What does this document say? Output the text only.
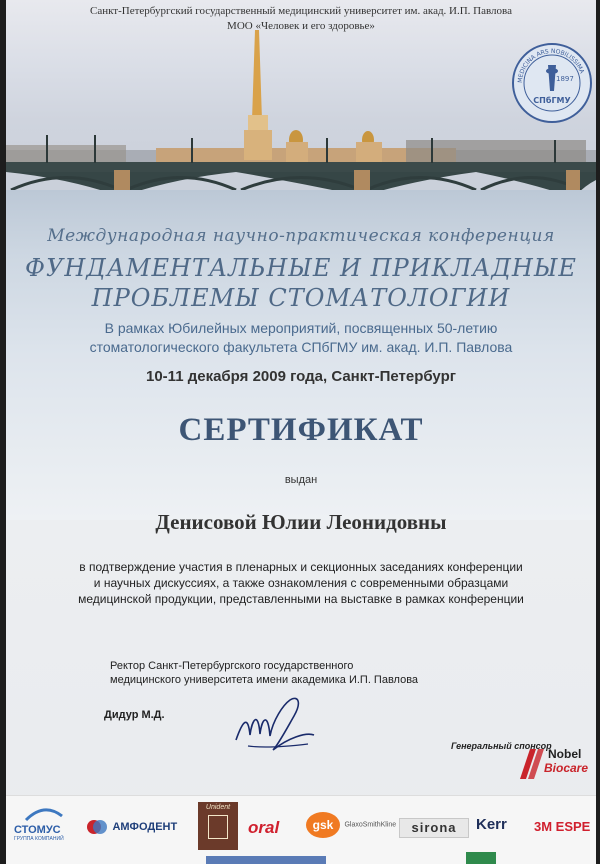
Санкт-Петербургский государственный медицинский университет им. акад. И.П. Павлова
МОО «Человек и его здоровье»
1897
СПбГМУ
MEDICINA ARS NOBILISSIMA
Международная научно-практическая конференция
ФУНДАМЕНТАЛЬНЫЕ И ПРИКЛАДНЫЕ
ПРОБЛЕМЫ СТОМАТОЛОГИИ
В рамках Юбилейных мероприятий, посвященных 50-летию
стоматологического факультета СПбГМУ им. акад. И.П. Павлова
10-11 декабря 2009 года, Санкт-Петербург
СЕРТИФИКАТ
выдан
Денисовой Юлии Леонидовны
в подтверждение участия в пленарных и секционных заседаниях конференции
и научных дискуссиях, а также ознакомления с современными образцами
медицинской продукции, представленными на выставке в рамках конференции
Ректор Санкт-Петербургского государственного
медицинского университета имени академика И.П. Павлова
Дидур М.Д.
Генеральный спонсор
Nobel
Biocare
СТОМУС
ГРУППА КОМПАНИЙ
АМФОДЕНТ
Unident
oral	gsk GlaxoSmithKline	sirona	Kerr 3M ESPE
